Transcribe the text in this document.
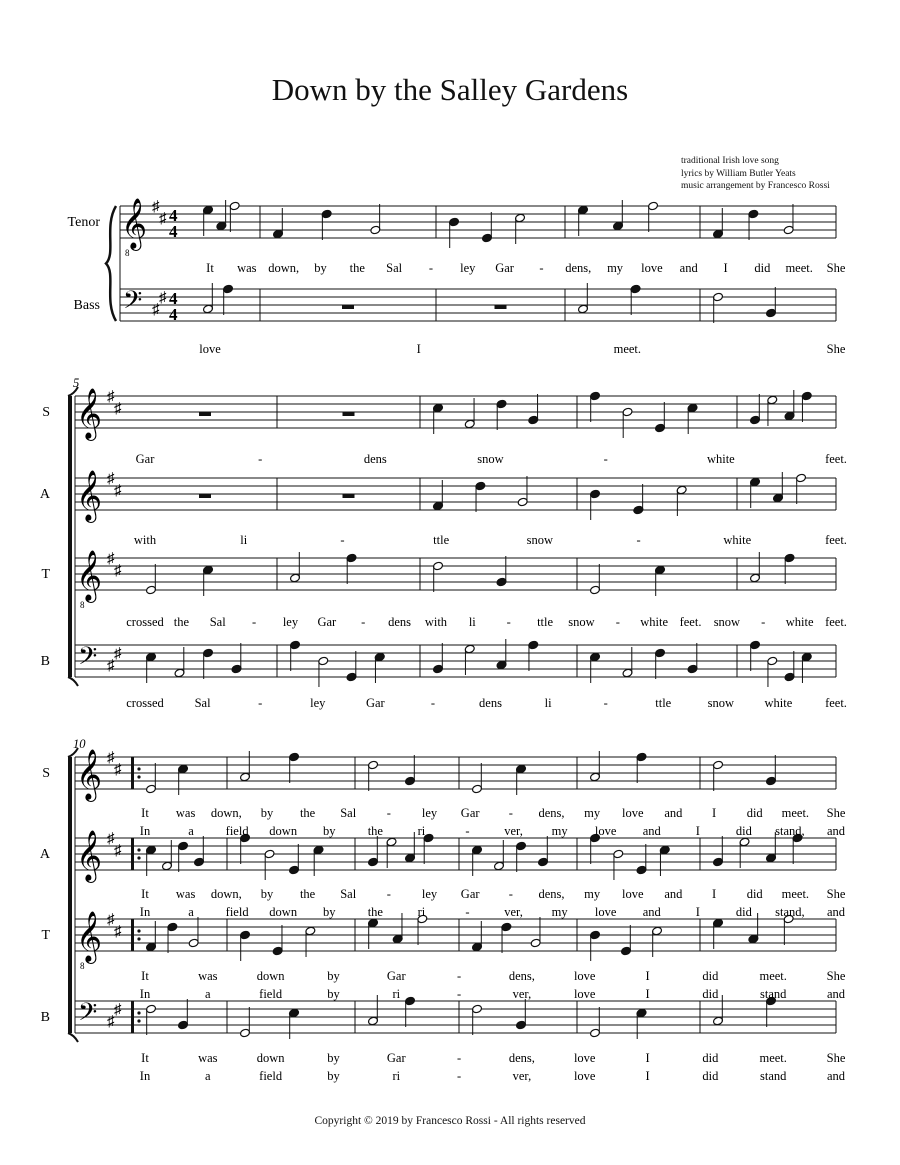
Down by the Salley Gardens
traditional Irish love song
lyrics by William Butler Yeats
music arrangement by Francesco Rossi
𝄞
8
♯
♯ 4
4
𝄢 ♯
♯ 4
4
Tenor
It was down, by the Sal - ley Gar - dens, my love and I did meet. She
Bass
love	I	meet.	She
𝄞 ♯
♯
𝄞 ♯
♯
𝄞
8
♯
♯
𝄢 ♯
♯
5
S
Gar	-	dens	snow	-	white	feet.
A
with	li	-	ttle	snow	-	white	feet.
T
crossed the Sal - ley Gar - dens with li - ttle snow - white feet. snow - white feet.
B
crossed Sal	-	ley	Gar	-	dens	li	-	ttle	snow white	feet.
𝄞 ♯
♯
𝄞 ♯
♯
𝄞
8
♯
♯
𝄢 ♯
♯
10
S
It was down, by the Sal - ley Gar - dens, my love and I did meet. She
In	a	field down by	the	ri	-	ver, my love and	I	did stand, and
A
It was down, by the Sal - ley Gar - dens, my love and I did meet. She
In	a	field down by	the	ri	-	ver, my love and	I	did stand, and
T
It	was	down	by	Gar	-	dens,	love	I	did	meet.	She
In	a	field	by	ri	-	ver,	love	I	did	stand	and
B
It	was	down	by	Gar	-	dens,	love	I	did	meet.	She
In	a	field	by	ri	-	ver,	love	I	did	stand	and
Copyright © 2019 by Francesco Rossi - All rights reserved
